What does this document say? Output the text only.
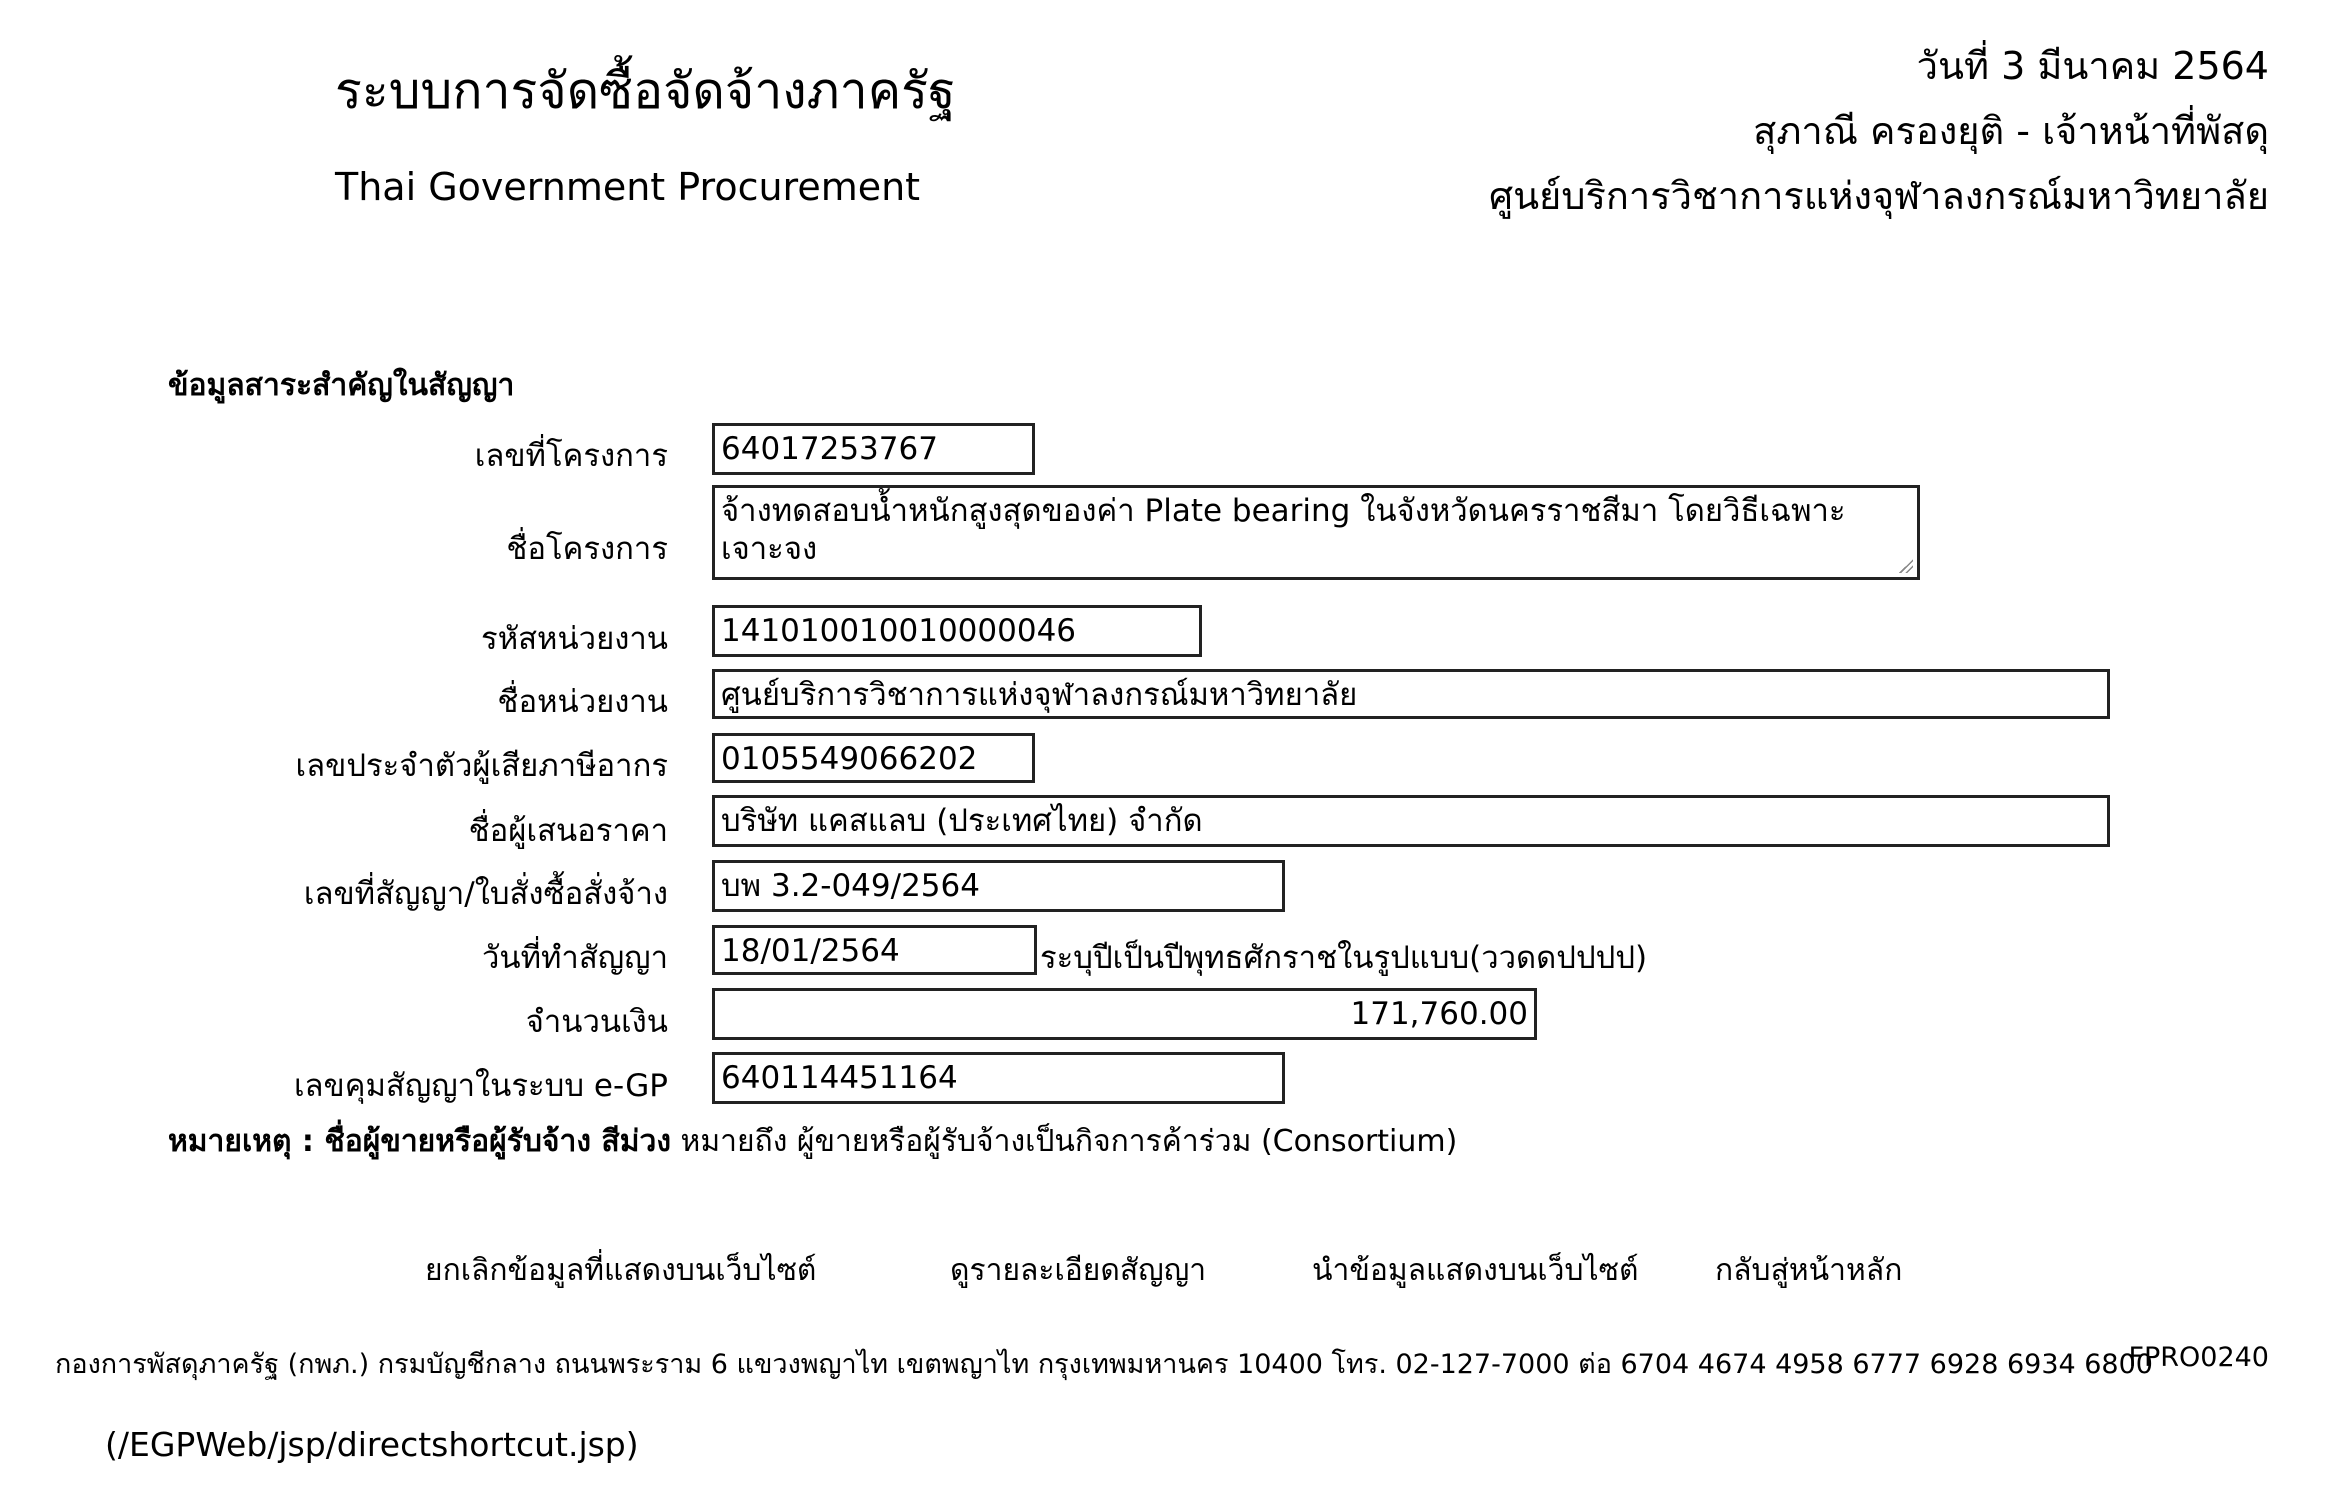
ระบบการจัดซื้อจัดจ้างภาครัฐ
Thai Government Procurement
วันที่ 3 มีนาคม 2564
สุภาณี ครองยุติ - เจ้าหน้าที่พัสดุ
ศูนย์บริการวิชาการแห่งจุฬาลงกรณ์มหาวิทยาลัย
ข้อมูลสาระสำคัญในสัญญา
เลขที่โครงการ 64017253767
ชื่อโครงการ
จ้างทดสอบน้ำหนักสูงสุดของค่า Plate bearing ในจังหวัดนครราชสีมา โดยวิธีเฉพาะเจาะจง
รหัสหน่วยงาน 141010010010000046
ชื่อหน่วยงาน ศูนย์บริการวิชาการแห่งจุฬาลงกรณ์มหาวิทยาลัย
เลขประจำตัวผู้เสียภาษีอากร 0105549066202
ชื่อผู้เสนอราคา บริษัท แคสแลบ (ประเทศไทย) จำกัด
เลขที่สัญญา/ใบสั่งซื้อสั่งจ้าง บพ 3.2-049/2564
วันที่ทำสัญญา 18/01/2564	ระบุปีเป็นปีพุทธศักราชในรูปแบบ(ววดดปปปป)
จำนวนเงิน	171,760.00
เลขคุมสัญญาในระบบ e-GP 640114451164
หมายเหตุ : ชื่อผู้ขายหรือผู้รับจ้าง สีม่วง หมายถึง ผู้ขายหรือผู้รับจ้างเป็นกิจการค้าร่วม (Consortium)
ยกเลิกข้อมูลที่แสดงบนเว็บไซต์	ดูรายละเอียดสัญญา	นำข้อมูลแสดงบนเว็บไซต์	กลับสู่หน้าหลัก
กองการพัสดุภาครัฐ (กพภ.) กรมบัญชีกลาง ถนนพระราม 6 แขวงพญาไท เขตพญาไท กรุงเทพมหานคร 10400 โทร. 02-127-7000 ต่อ 6704 4674 4958 6777 6928 6934 6800
FPRO0240
(/EGPWeb/jsp/directshortcut.jsp)
